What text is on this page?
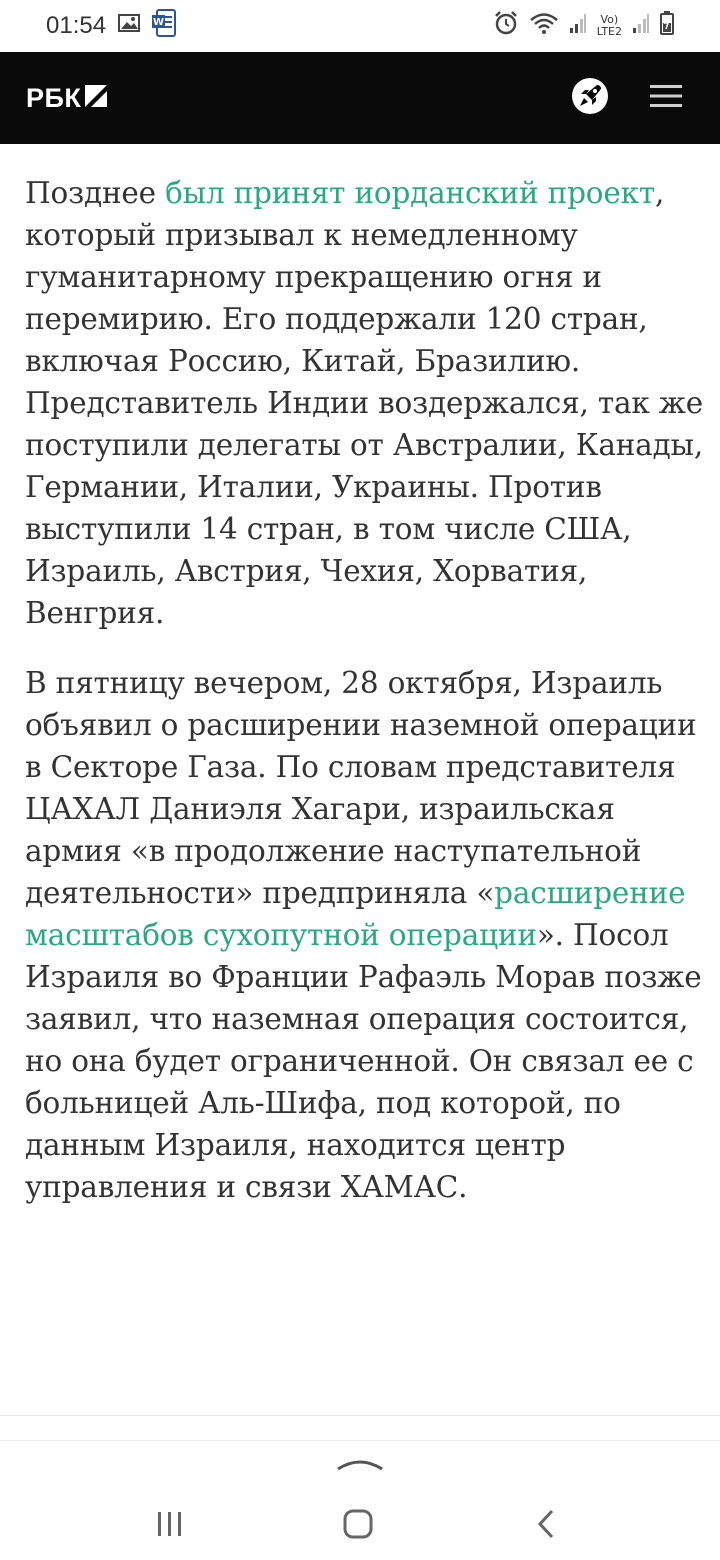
01:54	W	Vo)
LTE2
РБК

Позднее был принят иорданский проект, который призывал к немедленному гуманитарному прекращению огня и перемирию. Его поддержали 120 стран, включая Россию, Китай, Бразилию. Представитель Индии воздержался, так же поступили делегаты от Австралии, Канады, Германии, Италии, Украины. Против выступили 14 стран, в том числе США, Израиль, Австрия, Чехия, Хорватия, Венгрия.

В пятницу вечером, 28 октября, Израиль объявил о расширении наземной операции в Секторе Газа. По словам представителя ЦАХАЛ Даниэля Хагари, израильская армия «в продолжение наступательной деятельности» предприняла «расширение масштабов сухопутной операции». Посол Израиля во Франции Рафаэль Морав позже заявил, что наземная операция состоится, но она будет ограниченной. Он связал ее с больницей Аль-Шифа, под которой, по данным Израиля, находится центр управления и связи ХАМАС.
